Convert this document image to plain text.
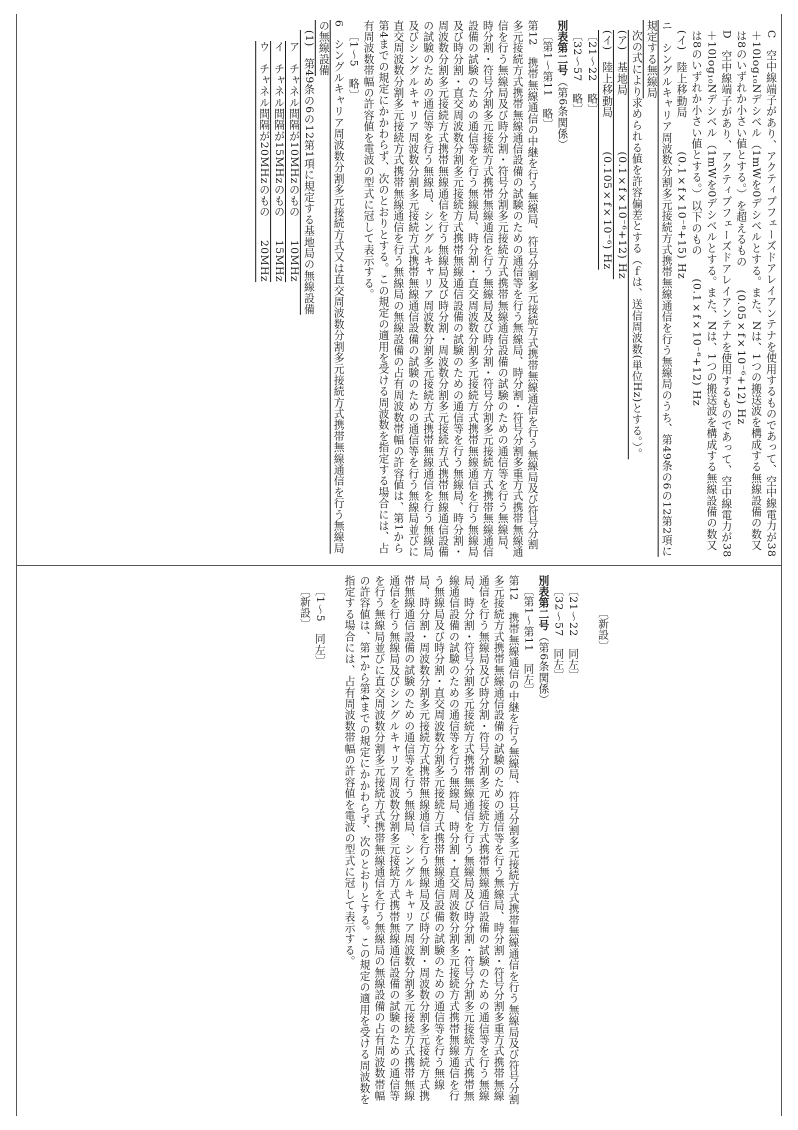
C　空中線端子があり、アクティブフェーズドアレイアンテナを使用するものであって、空中線電力が38＋10log₁₀Nデシベル（1mWを0デシベルとする。また、Nは、1つの搬送波を構成する無線設備の数又は8のいずれか小さい値とする。）を超えるもの　　(0.05×f×10⁻⁶+12) Hz

D　空中線端子があり、アクティブフェーズドアレイアンテナを使用するものであって、空中線電力が38＋10log₁₀Nデシベル（1mWを0デシベルとする。また、Nは、1つの搬送波を構成する無線設備の数又は8のいずれか小さい値とする。）以下のもの　　(0.1×f×10⁻⁶+12) Hz

(イ)　陸上移動局　　　(0.1×f×10⁻⁶+15) Hz

ニ　シングルキャリア周波数分割多元接続方式携帯無線通信を行う無線局のうち、第49条の6の12第2項に規定する無線局

次の式により求められる値を許容偏差とする（ｆは、送信周波数(単位Hz)とする。）。

(ア)　基地局　　　　　(0.1×f×10⁻⁶+12) Hz

(イ)　陸上移動局　　　(0.105×f×10⁻⁶) Hz

〔21〜22　略〕

〔32〜57　略〕

別表第二号（第6条関係）

〔第1〜第11　略〕

第12　携帯無線通信の中継を行う無線局、符号分割多元接続方式携帯無線通信を行う無線局及び符号分割多元接続方式携帯無線通信設備の試験のための通信等を行う無線局、時分割・符号分割多重方式携帯無線通信を行う無線局及び時分割・符号分割多元接続方式携帯無線通信設備の試験のための通信等を行う無線局、時分割・符号分割多元接続方式携帯無線通信を行う無線局及び時分割・符号分割多元接続方式携帯無線通信設備の試験のための通信等を行う無線局、時分割・直交周波数分割多元接続方式携帯無線通信を行う無線局及び時分割・直交周波数分割多元接続方式携帯無線通信設備の試験のための通信等を行う無線局、時分割・周波数分割多元接続方式携帯無線通信を行う無線局及び時分割・周波数分割多元接続方式携帯無線通信設備の試験のための通信等を行う無線局、シングルキャリア周波数分割多元接続方式携帯無線通信を行う無線局及びシングルキャリア周波数分割多元接続方式携帯無線通信設備の試験のための通信等を行う無線局並びに直交周波数分割多元接続方式携帯無線通信を行う無線局の無線設備の占有周波数帯幅の許容値は、第1から第4までの規定にかかわらず、次のとおりとする。この規定の適用を受ける周波数を指定する場合には、占有周波数帯幅の許容値を電波の型式に冠して表示する。

〔1〜5　略〕

6　シングルキャリア周波数分割多元接続方式又は直交周波数分割多元接続方式携帯無線通信を行う無線局の無線設備

(1)　第49条の6の12第1項に規定する基地局の無線設備

ア　チャネル間隔が10MHzのもの　　10MHz

イ　チャネル間隔が15MHzのもの　　15MHz

ウ　チャネル間隔が20MHzのもの　　20MHz

〔新設〕

〔21〜22　同左〕

〔32〜57　同左〕

別表第二号（第6条関係）

〔第1〜第11　同左〕

第12　携帯無線通信の中継を行う無線局、符号分割多元接続方式携帯無線通信を行う無線局及び符号分割多元接続方式携帯無線通信設備の試験のための通信等を行う無線局、時分割・符号分割多重方式携帯無線通信を行う無線局及び時分割・符号分割多元接続方式携帯無線通信設備の試験のための通信等を行う無線局、時分割・符号分割多元接続方式携帯無線通信を行う無線局及び時分割・符号分割多元接続方式携帯無線通信設備の試験のための通信等を行う無線局、時分割・直交周波数分割多元接続方式携帯無線通信を行う無線局及び時分割・直交周波数分割多元接続方式携帯無線通信設備の試験のための通信等を行う無線局、時分割・周波数分割多元接続方式携帯無線通信を行う無線局及び時分割・周波数分割多元接続方式携帯無線通信設備の試験のための通信等を行う無線局、シングルキャリア周波数分割多元接続方式携帯無線通信を行う無線局及びシングルキャリア周波数分割多元接続方式携帯無線通信設備の試験のための通信等を行う無線局並びに直交周波数分割多元接続方式携帯無線通信を行う無線局の無線設備の占有周波数帯幅の許容値は、第1から第4までの規定にかかわらず、次のとおりとする。この規定の適用を受ける周波数を指定する場合には、占有周波数帯幅の許容値を電波の型式に冠して表示する。

〔1〜5　同左〕

〔新設〕
